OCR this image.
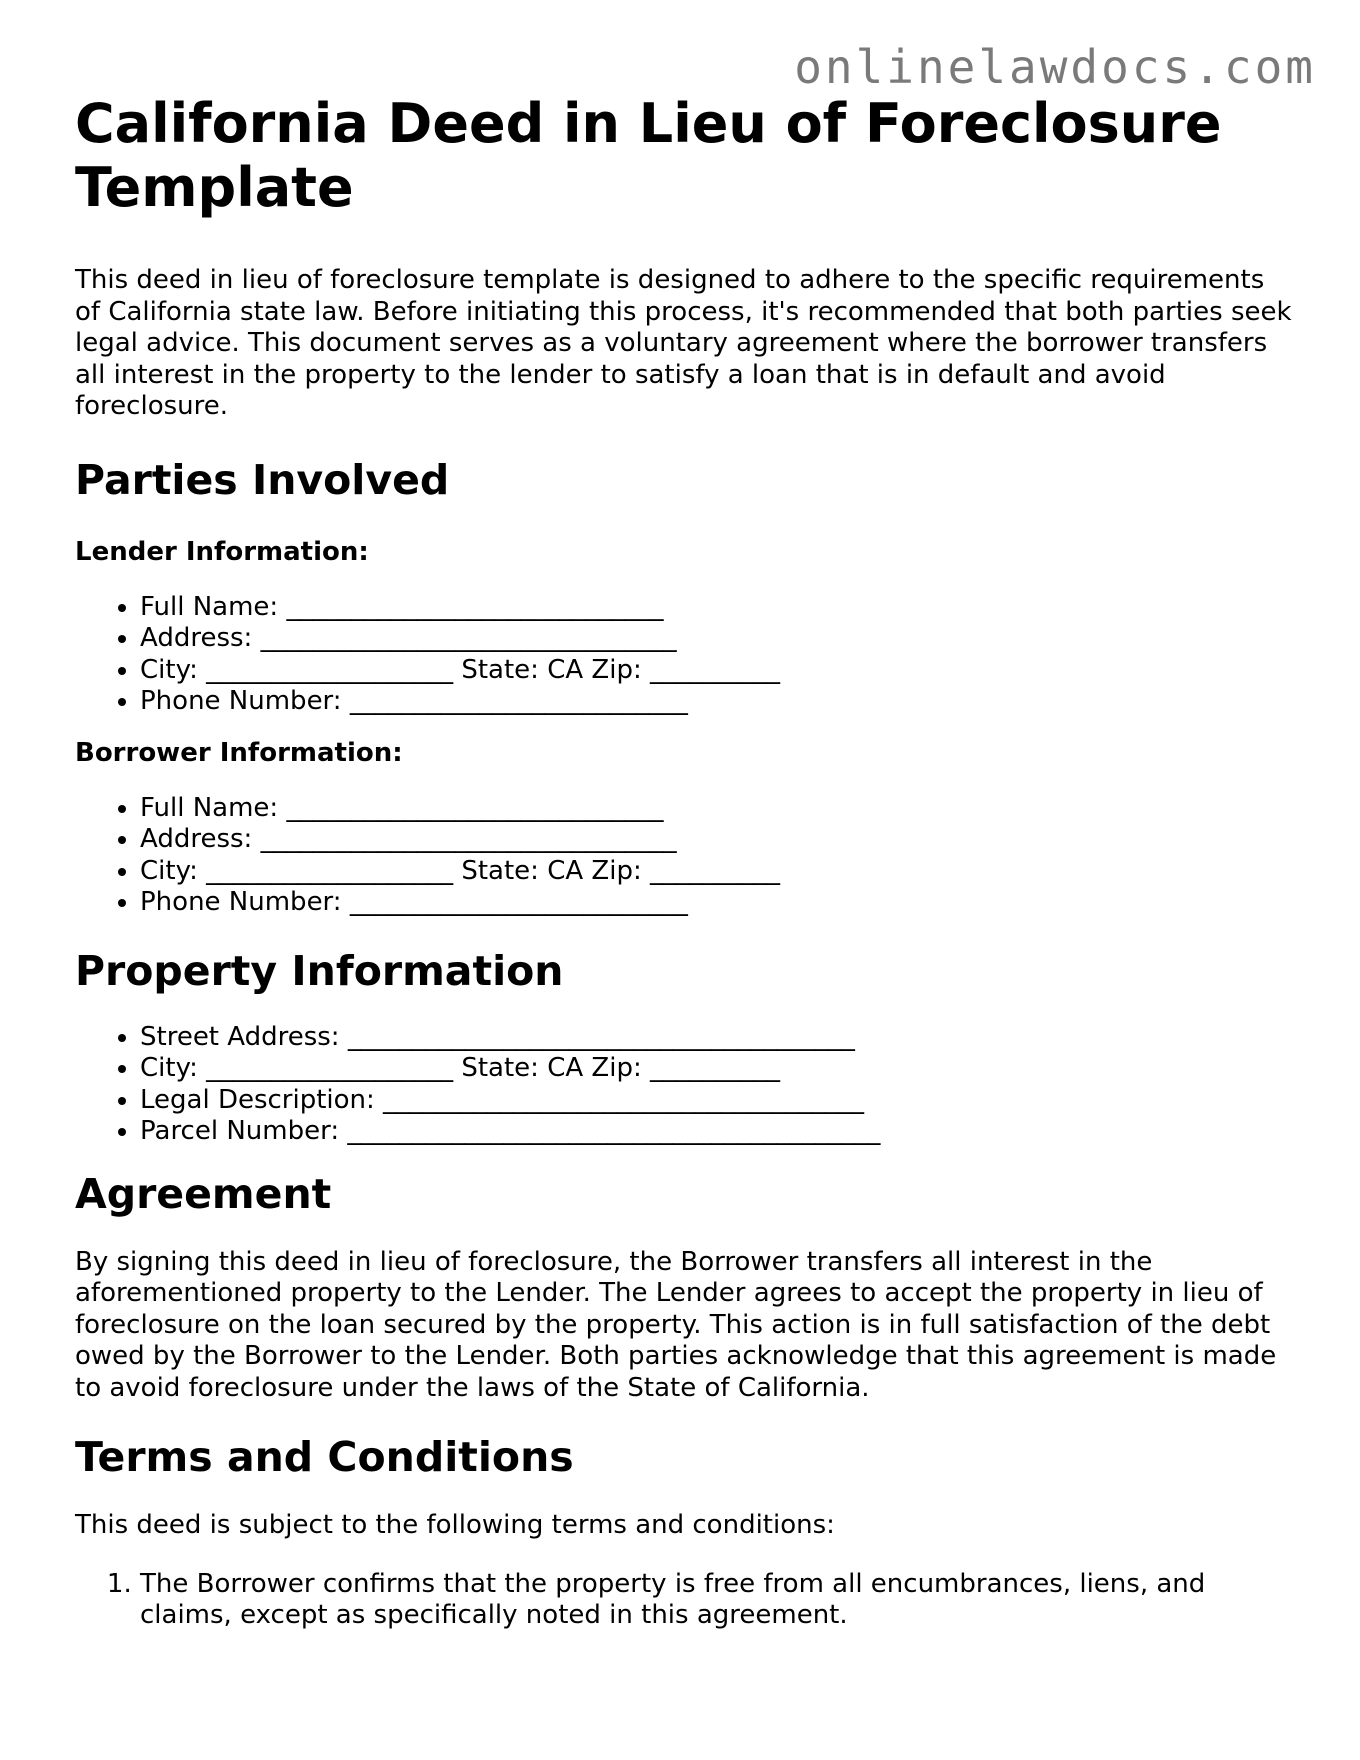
onlinelawdocs.com
California Deed in Lieu of Foreclosure Template

This deed in lieu of foreclosure template is designed to adhere to the specific requirements of California state law. Before initiating this process, it's recommended that both parties seek legal advice. This document serves as a voluntary agreement where the borrower transfers all interest in the property to the lender to satisfy a loan that is in default and avoid foreclosure.

Parties Involved
Lender Information:
• Full Name: _____________________________
• Address: ________________________________
• City: ___________________ State: CA Zip: __________
• Phone Number: __________________________
Borrower Information:
• Full Name: _____________________________
• Address: ________________________________
• City: ___________________ State: CA Zip: __________
• Phone Number: __________________________
Property Information
• Street Address: _______________________________________
• City: ___________________ State: CA Zip: __________
• Legal Description: _____________________________________
• Parcel Number: _________________________________________
Agreement

By signing this deed in lieu of foreclosure, the Borrower transfers all interest in the aforementioned property to the Lender. The Lender agrees to accept the property in lieu of foreclosure on the loan secured by the property. This action is in full satisfaction of the debt owed by the Borrower to the Lender. Both parties acknowledge that this agreement is made to avoid foreclosure under the laws of the State of California.

Terms and Conditions

This deed is subject to the following terms and conditions:

1. The Borrower confirms that the property is free from all encumbrances, liens, and claims, except as specifically noted in this agreement.
